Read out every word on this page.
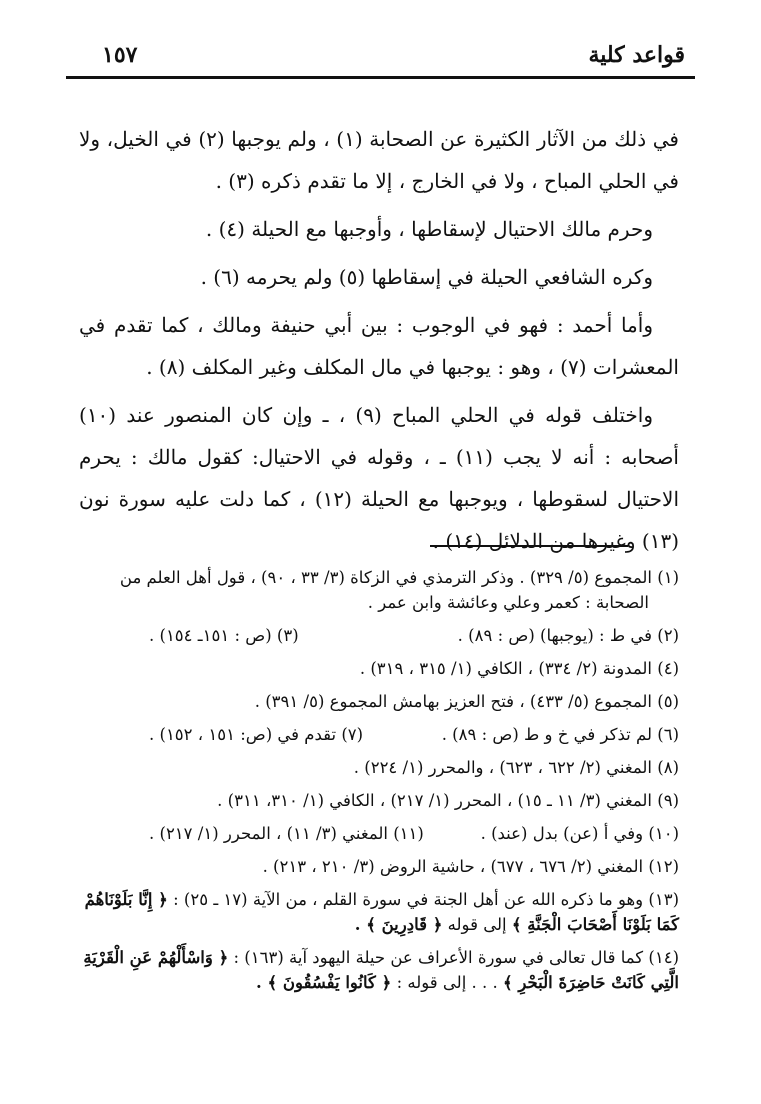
قواعد كلية
١٥٧

في ذلك من الآثار الكثيرة عن الصحابة (١) ، ولم يوجبها (٢) في الخيل، ولا في الحلي المباح ، ولا في الخارج ، إلا ما تقدم ذكره (٣) .

وحرم مالك الاحتيال لإسقاطها ، وأوجبها مع الحيلة (٤) .

وكره الشافعي الحيلة في إسقاطها (٥) ولم يحرمه (٦) .

وأما أحمد : فهو في الوجوب : بين أبي حنيفة ومالك ، كما تقدم في المعشرات (٧) ، وهو : يوجبها في مال المكلف وغير المكلف (٨) .

واختلف قوله في الحلي المباح (٩) ، ـ وإن كان المنصور عند (١٠) أصحابه : أنه لا يجب (١١) ـ ، وقوله في الاحتيال: كقول مالك : يحرم الاحتيال لسقوطها ، ويوجبها مع الحيلة (١٢) ، كما دلت عليه سورة نون (١٣) وغيرها من الدلائل (١٤) .

(١) المجموع (٥/ ٣٢٩) . وذكر الترمذي في الزكاة (٣/ ٣٣ ، ٩٠) ، قول أهل العلم من
الصحابة : كعمر وعلي وعائشة وابن عمر .
(٢) في ط : (يوجبها) (ص : ٨٩) .
(٣) (ص : ١٥١ـ ١٥٤) .
(٤) المدونة (٢/ ٣٣٤) ، الكافي (١/ ٣١٥ ، ٣١٩) .
(٥) المجموع (٥/ ٤٣٣) ، فتح العزيز بهامش المجموع (٥/ ٣٩١) .
(٦) لم تذكر في خ و ط (ص : ٨٩) .
(٧) تقدم في (ص: ١٥١ ، ١٥٢) .
(٨) المغني (٢/ ٦٢٢ ، ٦٢٣) ، والمحرر (١/ ٢٢٤) .
(٩) المغني (٣/ ١١ ـ ١٥) ، المحرر (١/ ٢١٧) ، الكافي (١/ ٣١٠، ٣١١) .
(١٠) وفي أ (عن) بدل (عند) .
(١١) المغني (٣/ ١١) ، المحرر (١/ ٢١٧) .
(١٢) المغني (٢/ ٦٧٦ ، ٦٧٧) ، حاشية الروض (٣/ ٢١٠ ، ٢١٣) .
(١٣) وهو ما ذكره الله عن أهل الجنة في سورة القلم ، من الآية (١٧ ـ ٢٥) : ﴿ إِنَّا بَلَوْنَاهُمْ كَمَا بَلَوْنَا أَصْحَابَ الْجَنَّةِ ﴾ إلى قوله ﴿ قَادِرِينَ ﴾ .
(١٤) كما قال تعالى في سورة الأعراف عن حيلة اليهود آية (١٦٣) : ﴿ وَاسْأَلْهُمْ عَنِ الْقَرْيَةِ الَّتِي كَانَتْ حَاضِرَةَ الْبَحْرِ ﴾ . . . إلى قوله : ﴿ كَانُوا يَفْسُقُونَ ﴾ .
